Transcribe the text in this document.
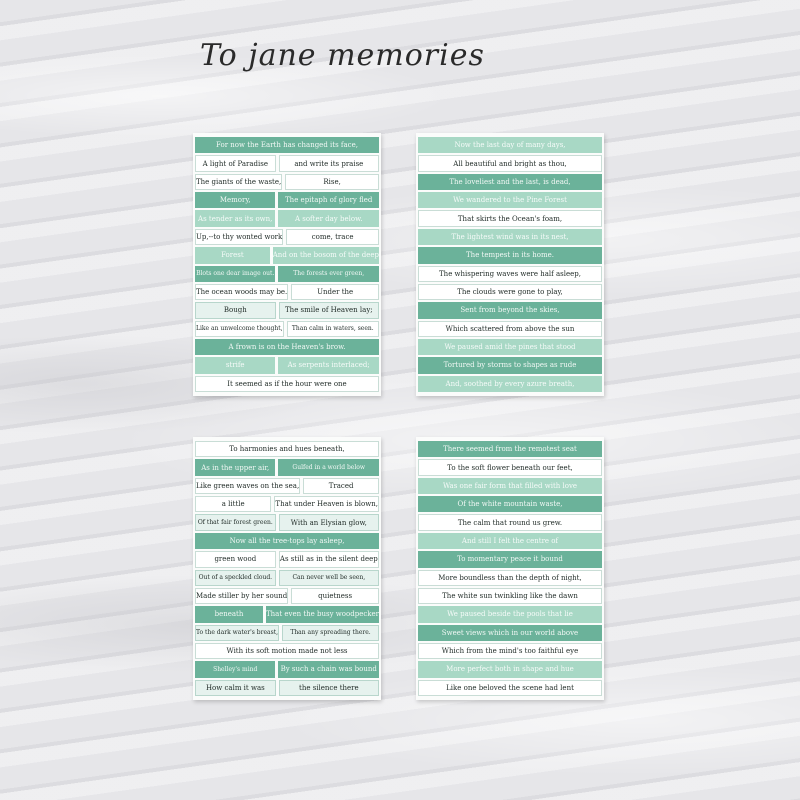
To jane memories
For now the Earth has changed its face,
A light of Paradise	and write its praise
The giants of the waste,	Rise,
Memory,	The epitaph of glory fled
As tender as its own,	A softer day below.
Up,--to thy wonted work	come, trace
Forest	And on the bosom of the deep
Blots one dear image out.	The forests ever green,
The ocean woods may be.	Under the
Bough	The smile of Heaven lay;
Like an unwelcome thought,	Than calm in waters, seen.
A frown is on the Heaven's brow.
strife	As serpents interlaced;
It seemed as if the hour were one
Now the last day of many days,
All beautiful and bright as thou,
The loveliest and the last, is dead,
We wandered to the Pine Forest
That skirts the Ocean's foam,
The lightest wind was in its nest,
The tempest in its home.
The whispering waves were half asleep,
The clouds were gone to play,
Sent from beyond the skies,
Which scattered from above the sun
We paused amid the pines that stood
Tortured by storms to shapes as rude
And, soothed by every azure breath,
To harmonies and hues beneath,
As in the upper air,	Gulfed in a world below
Like green waves on the sea,	Traced
a little	That under Heaven is blown,
Of that fair forest green.	With an Elysian glow,
Now all the tree-tops lay asleep,
green wood	As still as in the silent deep
Out of a speckled cloud.	Can never well be seen,
Made stiller by her sound	quietness
beneath	That even the busy woodpecker
To the dark water's breast,	Than any spreading there.
With its soft motion made not less
Shelley's mind	By such a chain was bound
How calm it was	the silence there
There seemed from the remotest seat
To the soft flower beneath our feet,
Was one fair form that filled with love
Of the white mountain waste,
The calm that round us grew.
And still I felt the centre of
To momentary peace it bound
More boundless than the depth of night,
The white sun twinkling like the dawn
We paused beside the pools that lie
Sweet views which in our world above
Which from the mind's too faithful eye
More perfect both in shape and hue
Like one beloved the scene had lent
